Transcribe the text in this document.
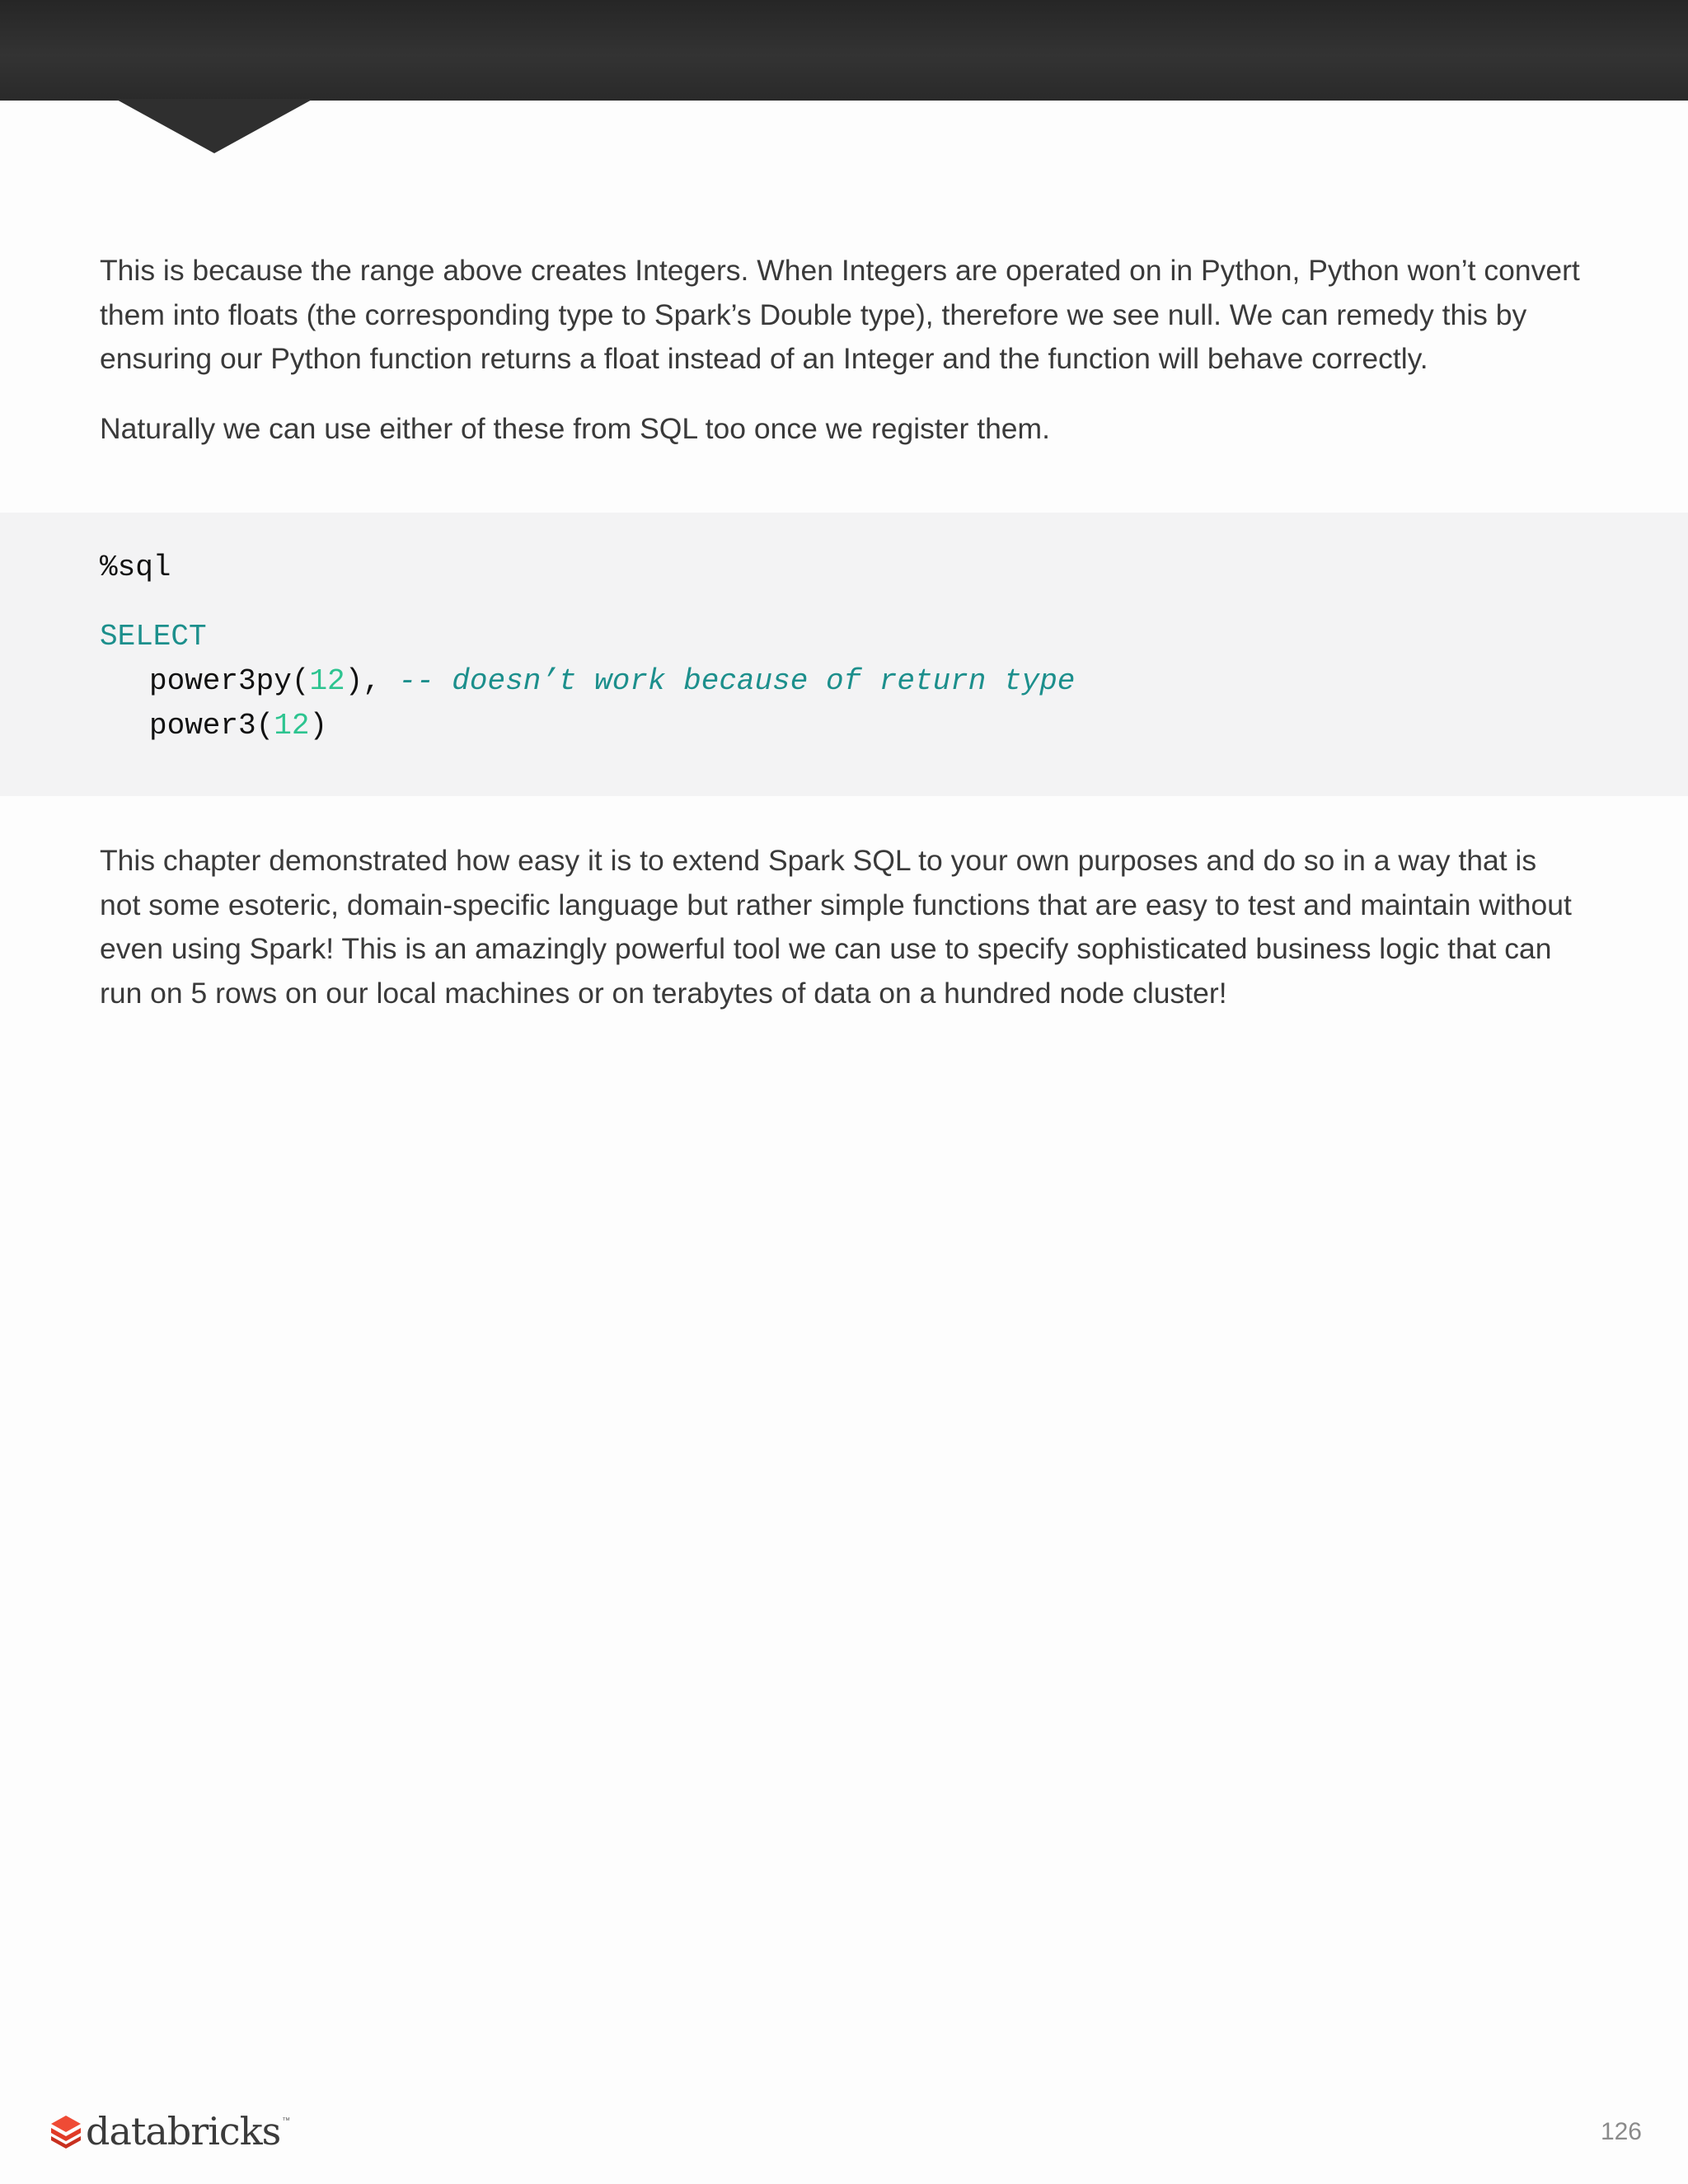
This is because the range above creates Integers. When Integers are operated on in Python, Python won’t convert them into floats (the corresponding type to Spark’s Double type), therefore we see null. We can remedy this by ensuring our Python function returns a float instead of an Integer and the function will behave correctly.

Naturally we can use either of these from SQL too once we register them.

%sql
SELECT
power3py(12), -- doesn’t work because of return type
power3(12)

This chapter demonstrated how easy it is to extend Spark SQL to your own purposes and do so in a way that is not some esoteric, domain-specific language but rather simple functions that are easy to test and maintain without even using Spark! This is an amazingly powerful tool we can use to specify sophisticated business logic that can run on 5 rows on our local machines or on terabytes of data on a hundred node cluster!

databricks ™	126
